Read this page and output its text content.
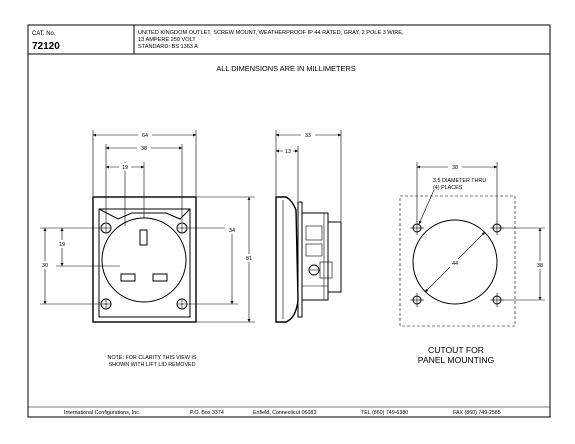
CAT. No.
72120
UNITED KINGDOM OUTLET, SCREW MOUNT, WEATHERPROOF IP 44 RATED, GRAY, 2 POLE 3 WIRE,
13 AMPERE 250 VOLT
STANDARD: BS 1363 A
ALL DIMENSIONS ARE IN MILLIMETERS
64
38
19
30
19
34
81
NOTE: FOR CLARITY THIS VIEW IS
SHOWN WITH LIFT LID REMOVED
33
13
44
38
3.5 DIAMETER THRU
(4) PLACES
38
CUTOUT FOR
PANEL MOUNTING
International Configurations, Inc.	P.O. Box 3374	Enfield, Connecticut 06083	TEL (860) 749-6380	FAX (860) 749-2585
